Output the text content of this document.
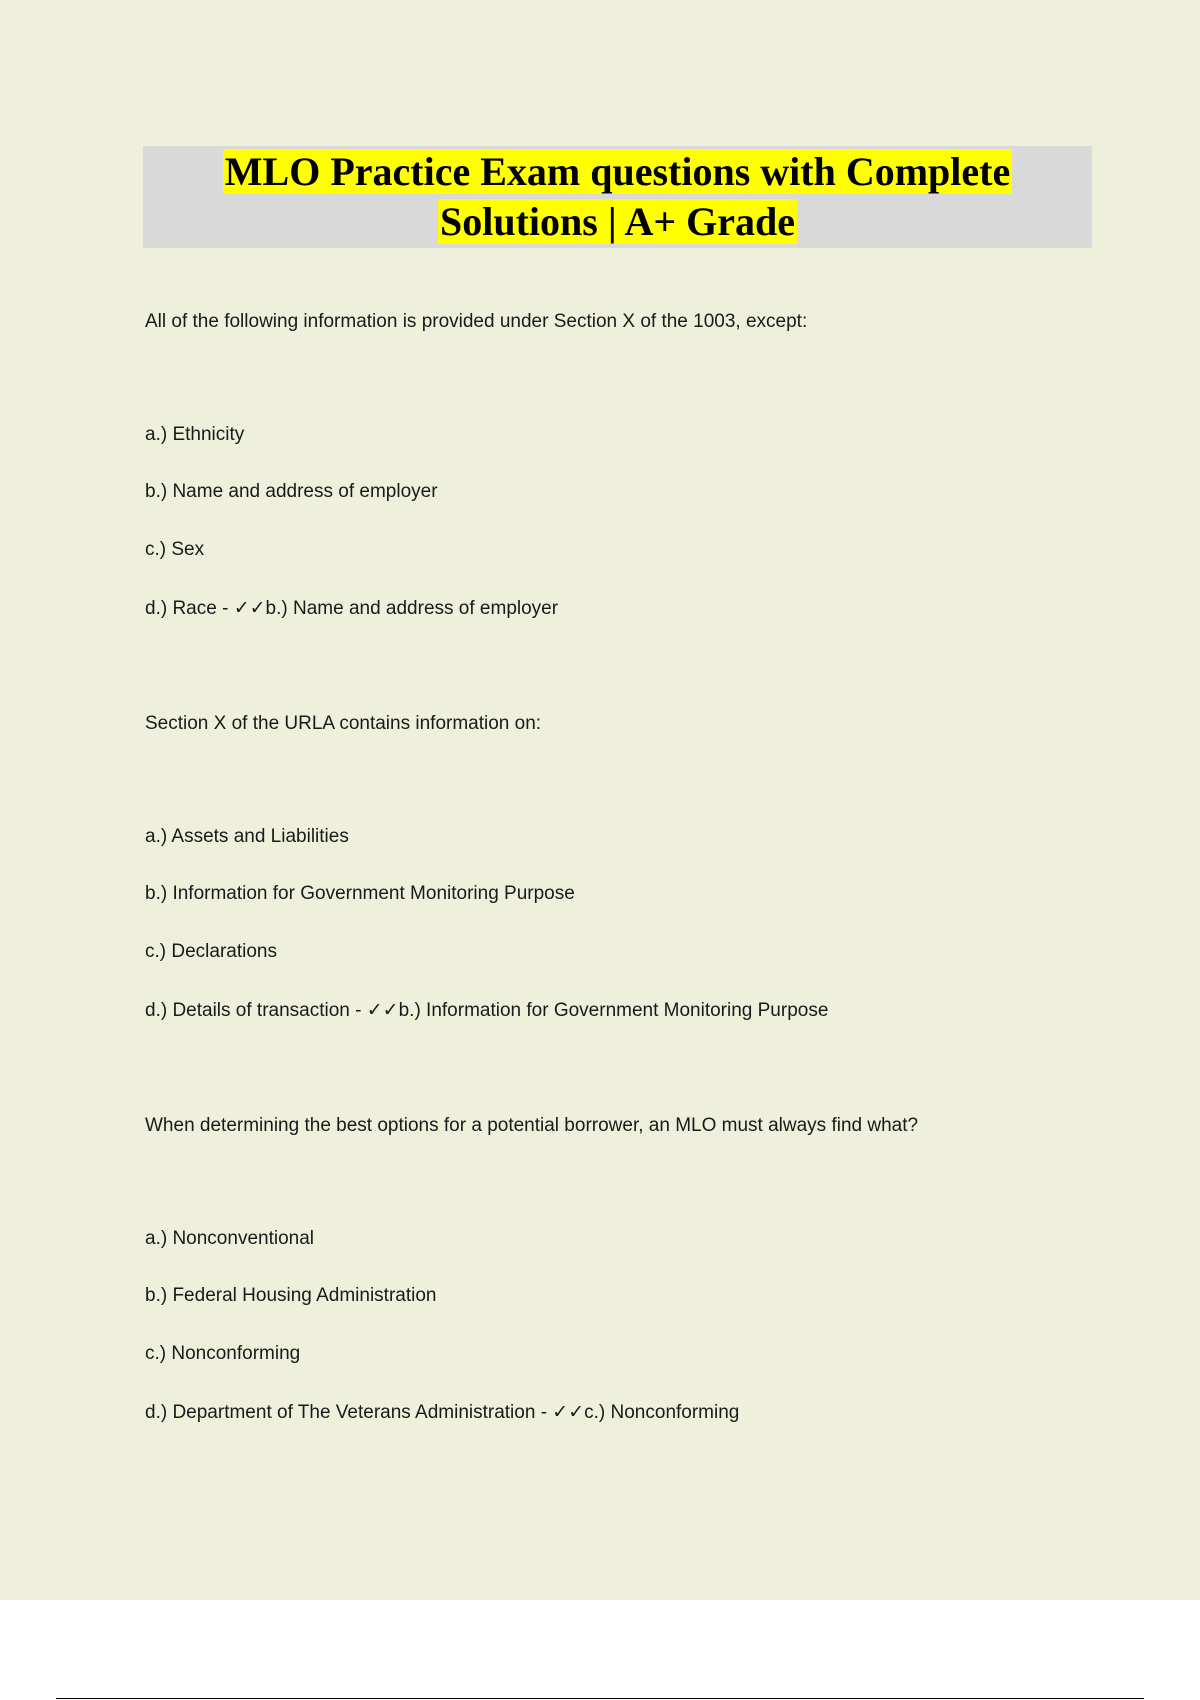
MLO Practice Exam questions with Complete
Solutions | A+ Grade
All of the following information is provided under Section X of the 1003, except:
a.) Ethnicity
b.) Name and address of employer
c.) Sex
d.) Race - ✓✓b.) Name and address of employer
Section X of the URLA contains information on:
a.) Assets and Liabilities
b.) Information for Government Monitoring Purpose
c.) Declarations
d.) Details of transaction - ✓✓b.) Information for Government Monitoring Purpose
When determining the best options for a potential borrower, an MLO must always find what?
a.) Nonconventional
b.) Federal Housing Administration
c.) Nonconforming
d.) Department of The Veterans Administration - ✓✓c.) Nonconforming
